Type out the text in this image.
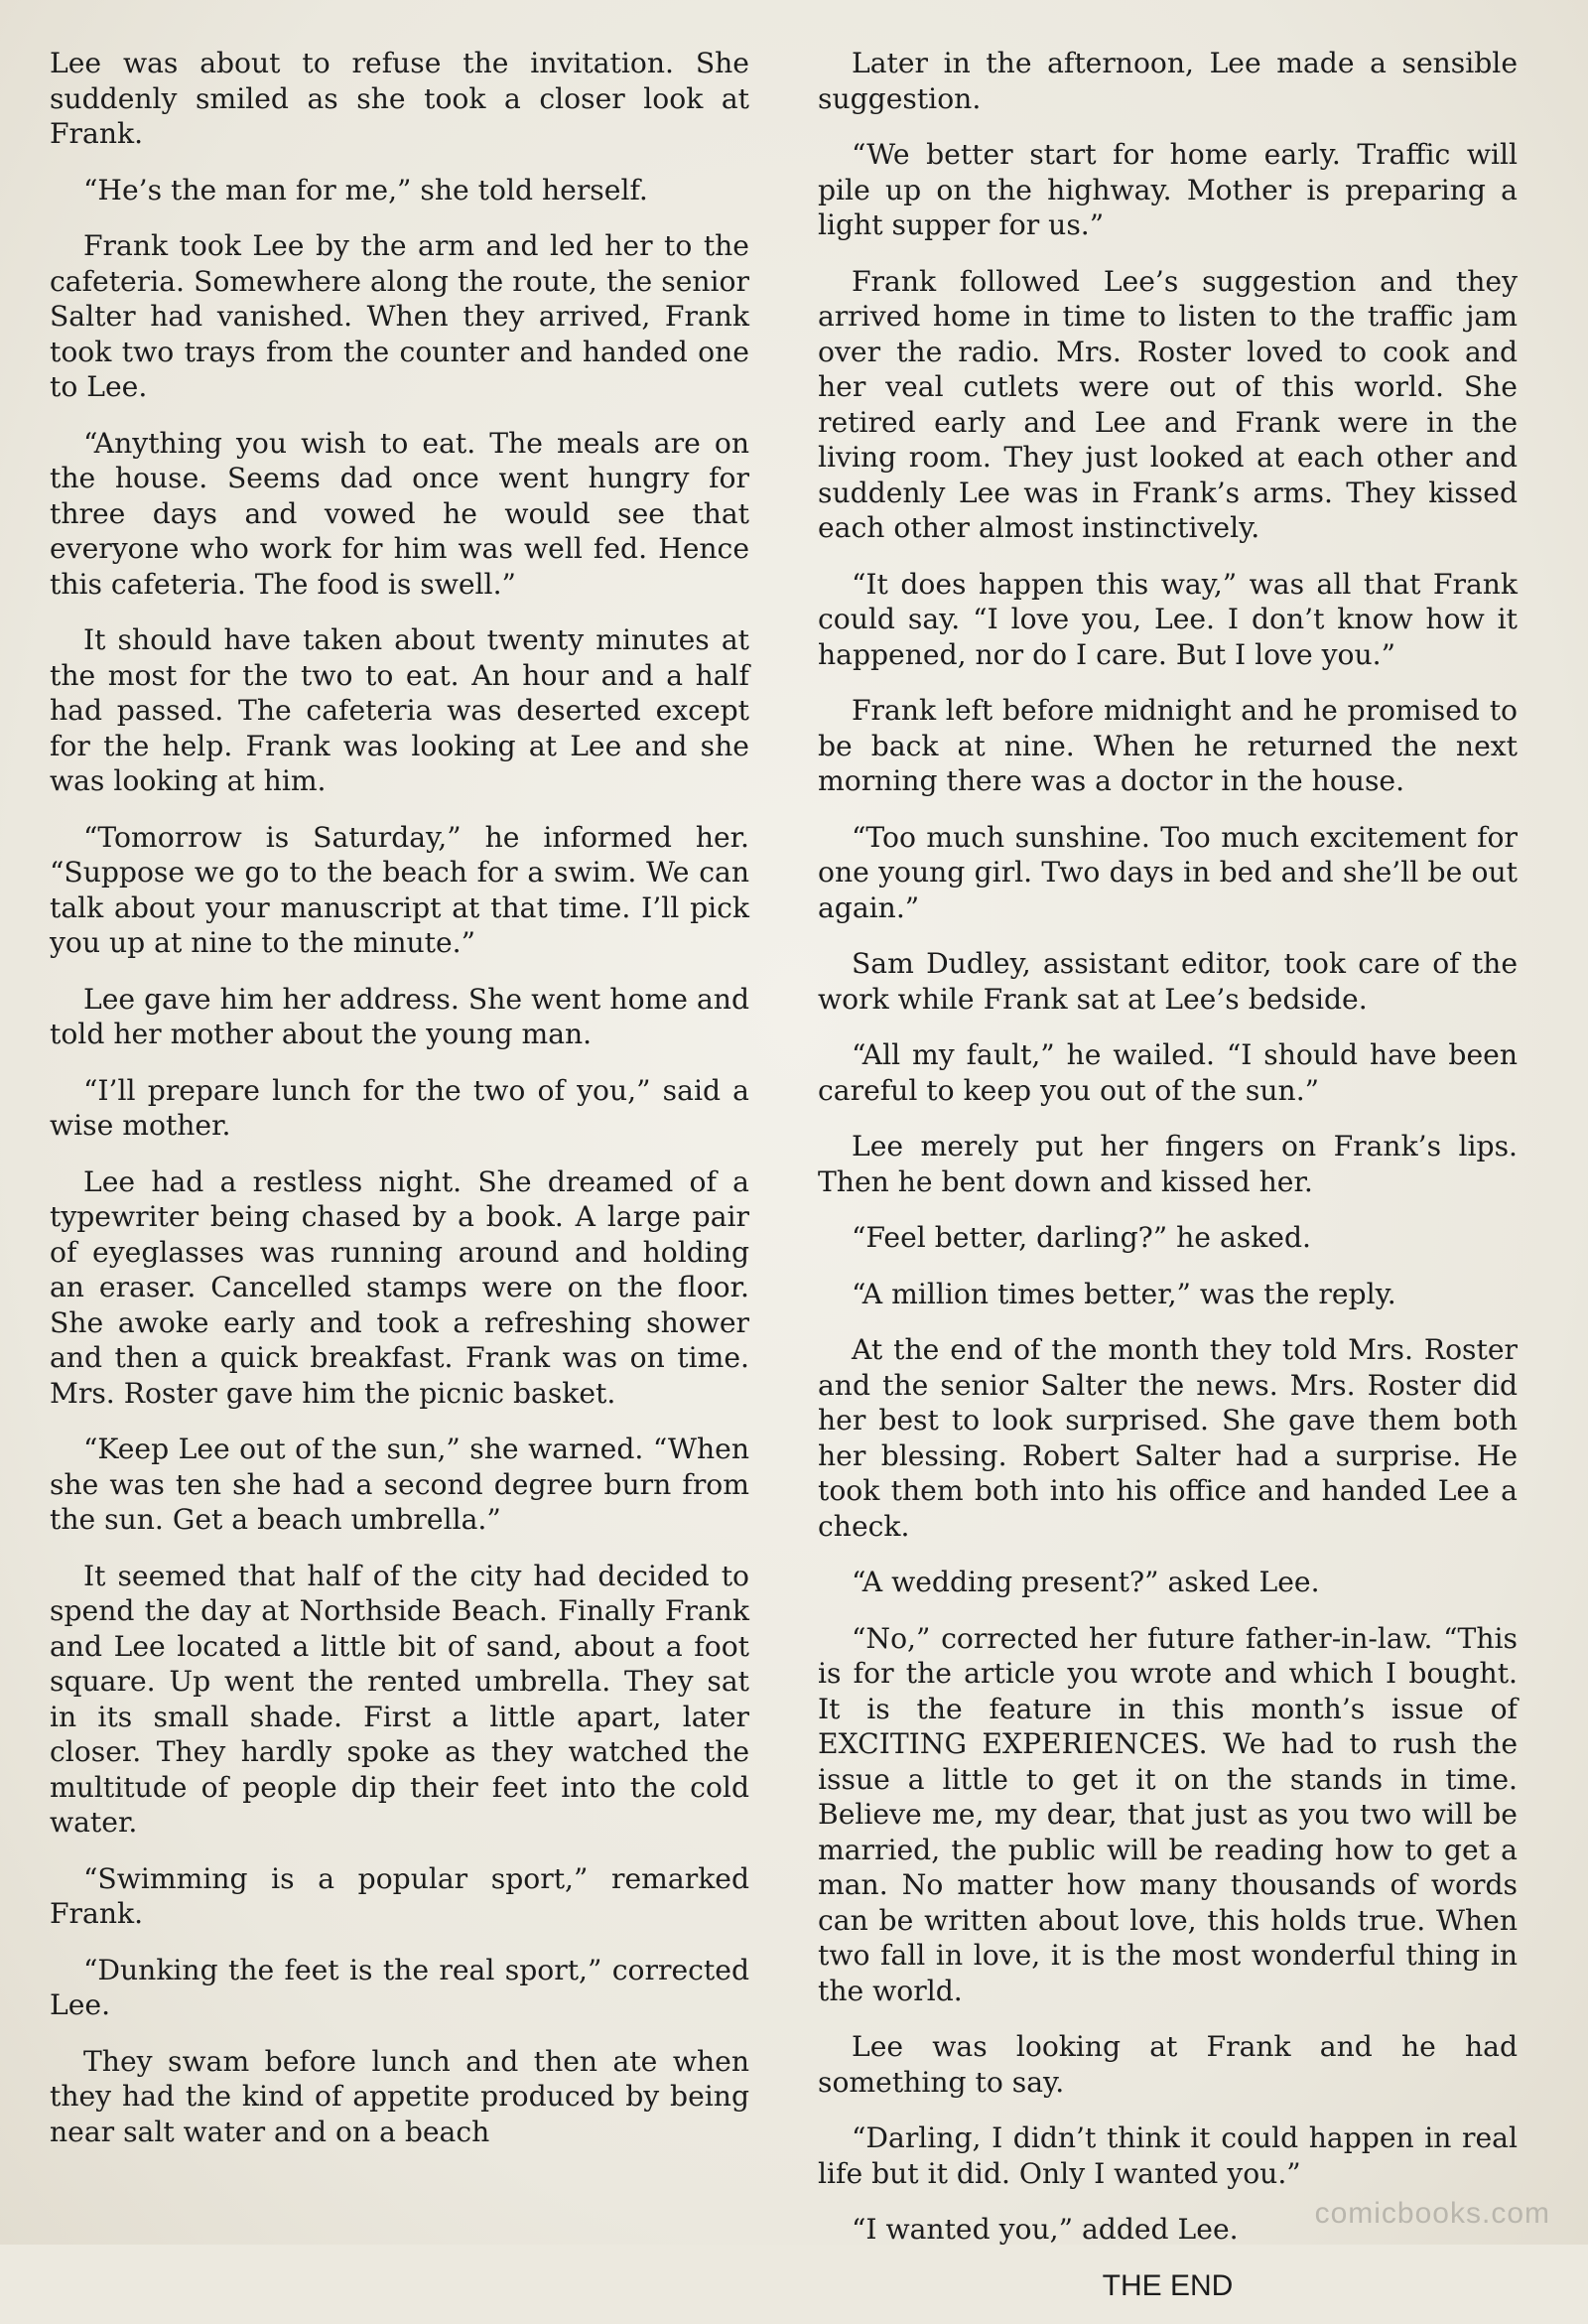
Lee was about to refuse the invitation. She suddenly smiled as she took a closer look at Frank.

“He’s the man for me,” she told herself.

Frank took Lee by the arm and led her to the cafeteria. Somewhere along the route, the senior Salter had vanished. When they arrived, Frank took two trays from the counter and handed one to Lee.

“Anything you wish to eat. The meals are on the house. Seems dad once went hungry for three days and vowed he would see that everyone who work for him was well fed. Hence this cafeteria. The food is swell.”

It should have taken about twenty minutes at the most for the two to eat. An hour and a half had passed. The cafeteria was deserted except for the help. Frank was looking at Lee and she was looking at him.

“Tomorrow is Saturday,” he informed her. “Suppose we go to the beach for a swim. We can talk about your manuscript at that time. I’ll pick you up at nine to the minute.”

Lee gave him her address. She went home and told her mother about the young man.

“I’ll prepare lunch for the two of you,” said a wise mother.

Lee had a restless night. She dreamed of a typewriter being chased by a book. A large pair of eyeglasses was running around and holding an eraser. Cancelled stamps were on the floor. She awoke early and took a refreshing shower and then a quick breakfast. Frank was on time. Mrs. Roster gave him the picnic basket.

“Keep Lee out of the sun,” she warned. “When she was ten she had a second degree burn from the sun. Get a beach umbrella.”

It seemed that half of the city had decided to spend the day at Northside Beach. Finally Frank and Lee located a little bit of sand, about a foot square. Up went the rented umbrella. They sat in its small shade. First a little apart, later closer. They hardly spoke as they watched the multitude of people dip their feet into the cold water.

“Swimming is a popular sport,” remarked Frank.

“Dunking the feet is the real sport,” corrected Lee.

They swam before lunch and then ate when they had the kind of appetite produced by being near salt water and on a beach

Later in the afternoon, Lee made a sensible suggestion.

“We better start for home early. Traffic will pile up on the highway. Mother is preparing a light supper for us.”

Frank followed Lee’s suggestion and they arrived home in time to listen to the traffic jam over the radio. Mrs. Roster loved to cook and her veal cutlets were out of this world. She retired early and Lee and Frank were in the living room. They just looked at each other and suddenly Lee was in Frank’s arms. They kissed each other almost instinctively.

“It does happen this way,” was all that Frank could say. “I love you, Lee. I don’t know how it happened, nor do I care. But I love you.”

Frank left before midnight and he promised to be back at nine. When he returned the next morning there was a doctor in the house.

“Too much sunshine. Too much excitement for one young girl. Two days in bed and she’ll be out again.”

Sam Dudley, assistant editor, took care of the work while Frank sat at Lee’s bedside.

“All my fault,” he wailed. “I should have been careful to keep you out of the sun.”

Lee merely put her fingers on Frank’s lips. Then he bent down and kissed her.

“Feel better, darling?” he asked.

“A million times better,” was the reply.

At the end of the month they told Mrs. Roster and the senior Salter the news. Mrs. Roster did her best to look surprised. She gave them both her blessing. Robert Salter had a surprise. He took them both into his office and handed Lee a check.

“A wedding present?” asked Lee.

“No,” corrected her future father-in-law. “This is for the article you wrote and which I bought. It is the feature in this month’s issue of EXCITING EXPERIENCES. We had to rush the issue a little to get it on the stands in time. Believe me, my dear, that just as you two will be married, the public will be reading how to get a man. No matter how many thousands of words can be written about love, this holds true. When two fall in love, it is the most wonderful thing in the world.

Lee was looking at Frank and he had something to say.

“Darling, I didn’t think it could happen in real life but it did. Only I wanted you.”

“I wanted you,” added Lee.

THE END

comicbooks.com
